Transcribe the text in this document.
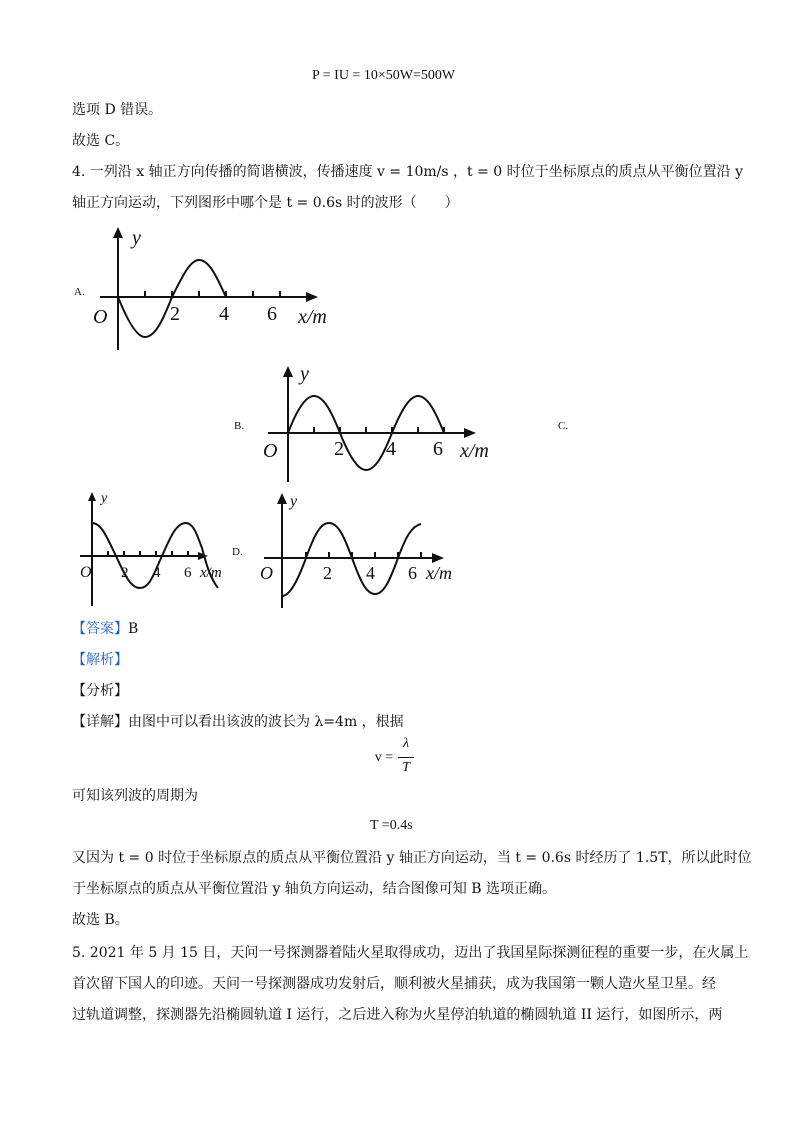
P = IU = 10×50W=500W
选项 D 错误。
故选 C。
4. 一列沿 x 轴正方向传播的简谐横波，传播速度 v = 10m/s ，t = 0 时位于坐标原点的质点从平衡位置沿 y
轴正方向运动，下列图形中哪个是 t = 0.6s 时的波形（　　）
A.
y
O	2 4 6 x/m
B.
y
O	2 4 6 x/m
C.
y
O 2 4 6 x/m
D.
y
O	2 4 6 x/m
【答案】B
【解析】
【分析】
【详解】由图中可以看出该波的波长为 λ=4m ，根据
v =
λ
T
可知该列波的周期为
T =0.4s
又因为 t = 0 时位于坐标原点的质点从平衡位置沿 y 轴正方向运动，当 t = 0.6s 时经历了 1.5T，所以此时位
于坐标原点的质点从平衡位置沿 y 轴负方向运动，结合图像可知 B 选项正确。
故选 B。
5. 2021 年 5 月 15 日，天问一号探测器着陆火星取得成功，迈出了我国星际探测征程的重要一步，在火属上
首次留下国人的印迹。天问一号探测器成功发射后，顺利被火星捕获，成为我国第一颗人造火星卫星。经
过轨道调整，探测器先沿椭圆轨道 I 运行，之后进入称为火星停泊轨道的椭圆轨道 II 运行，如图所示，两
